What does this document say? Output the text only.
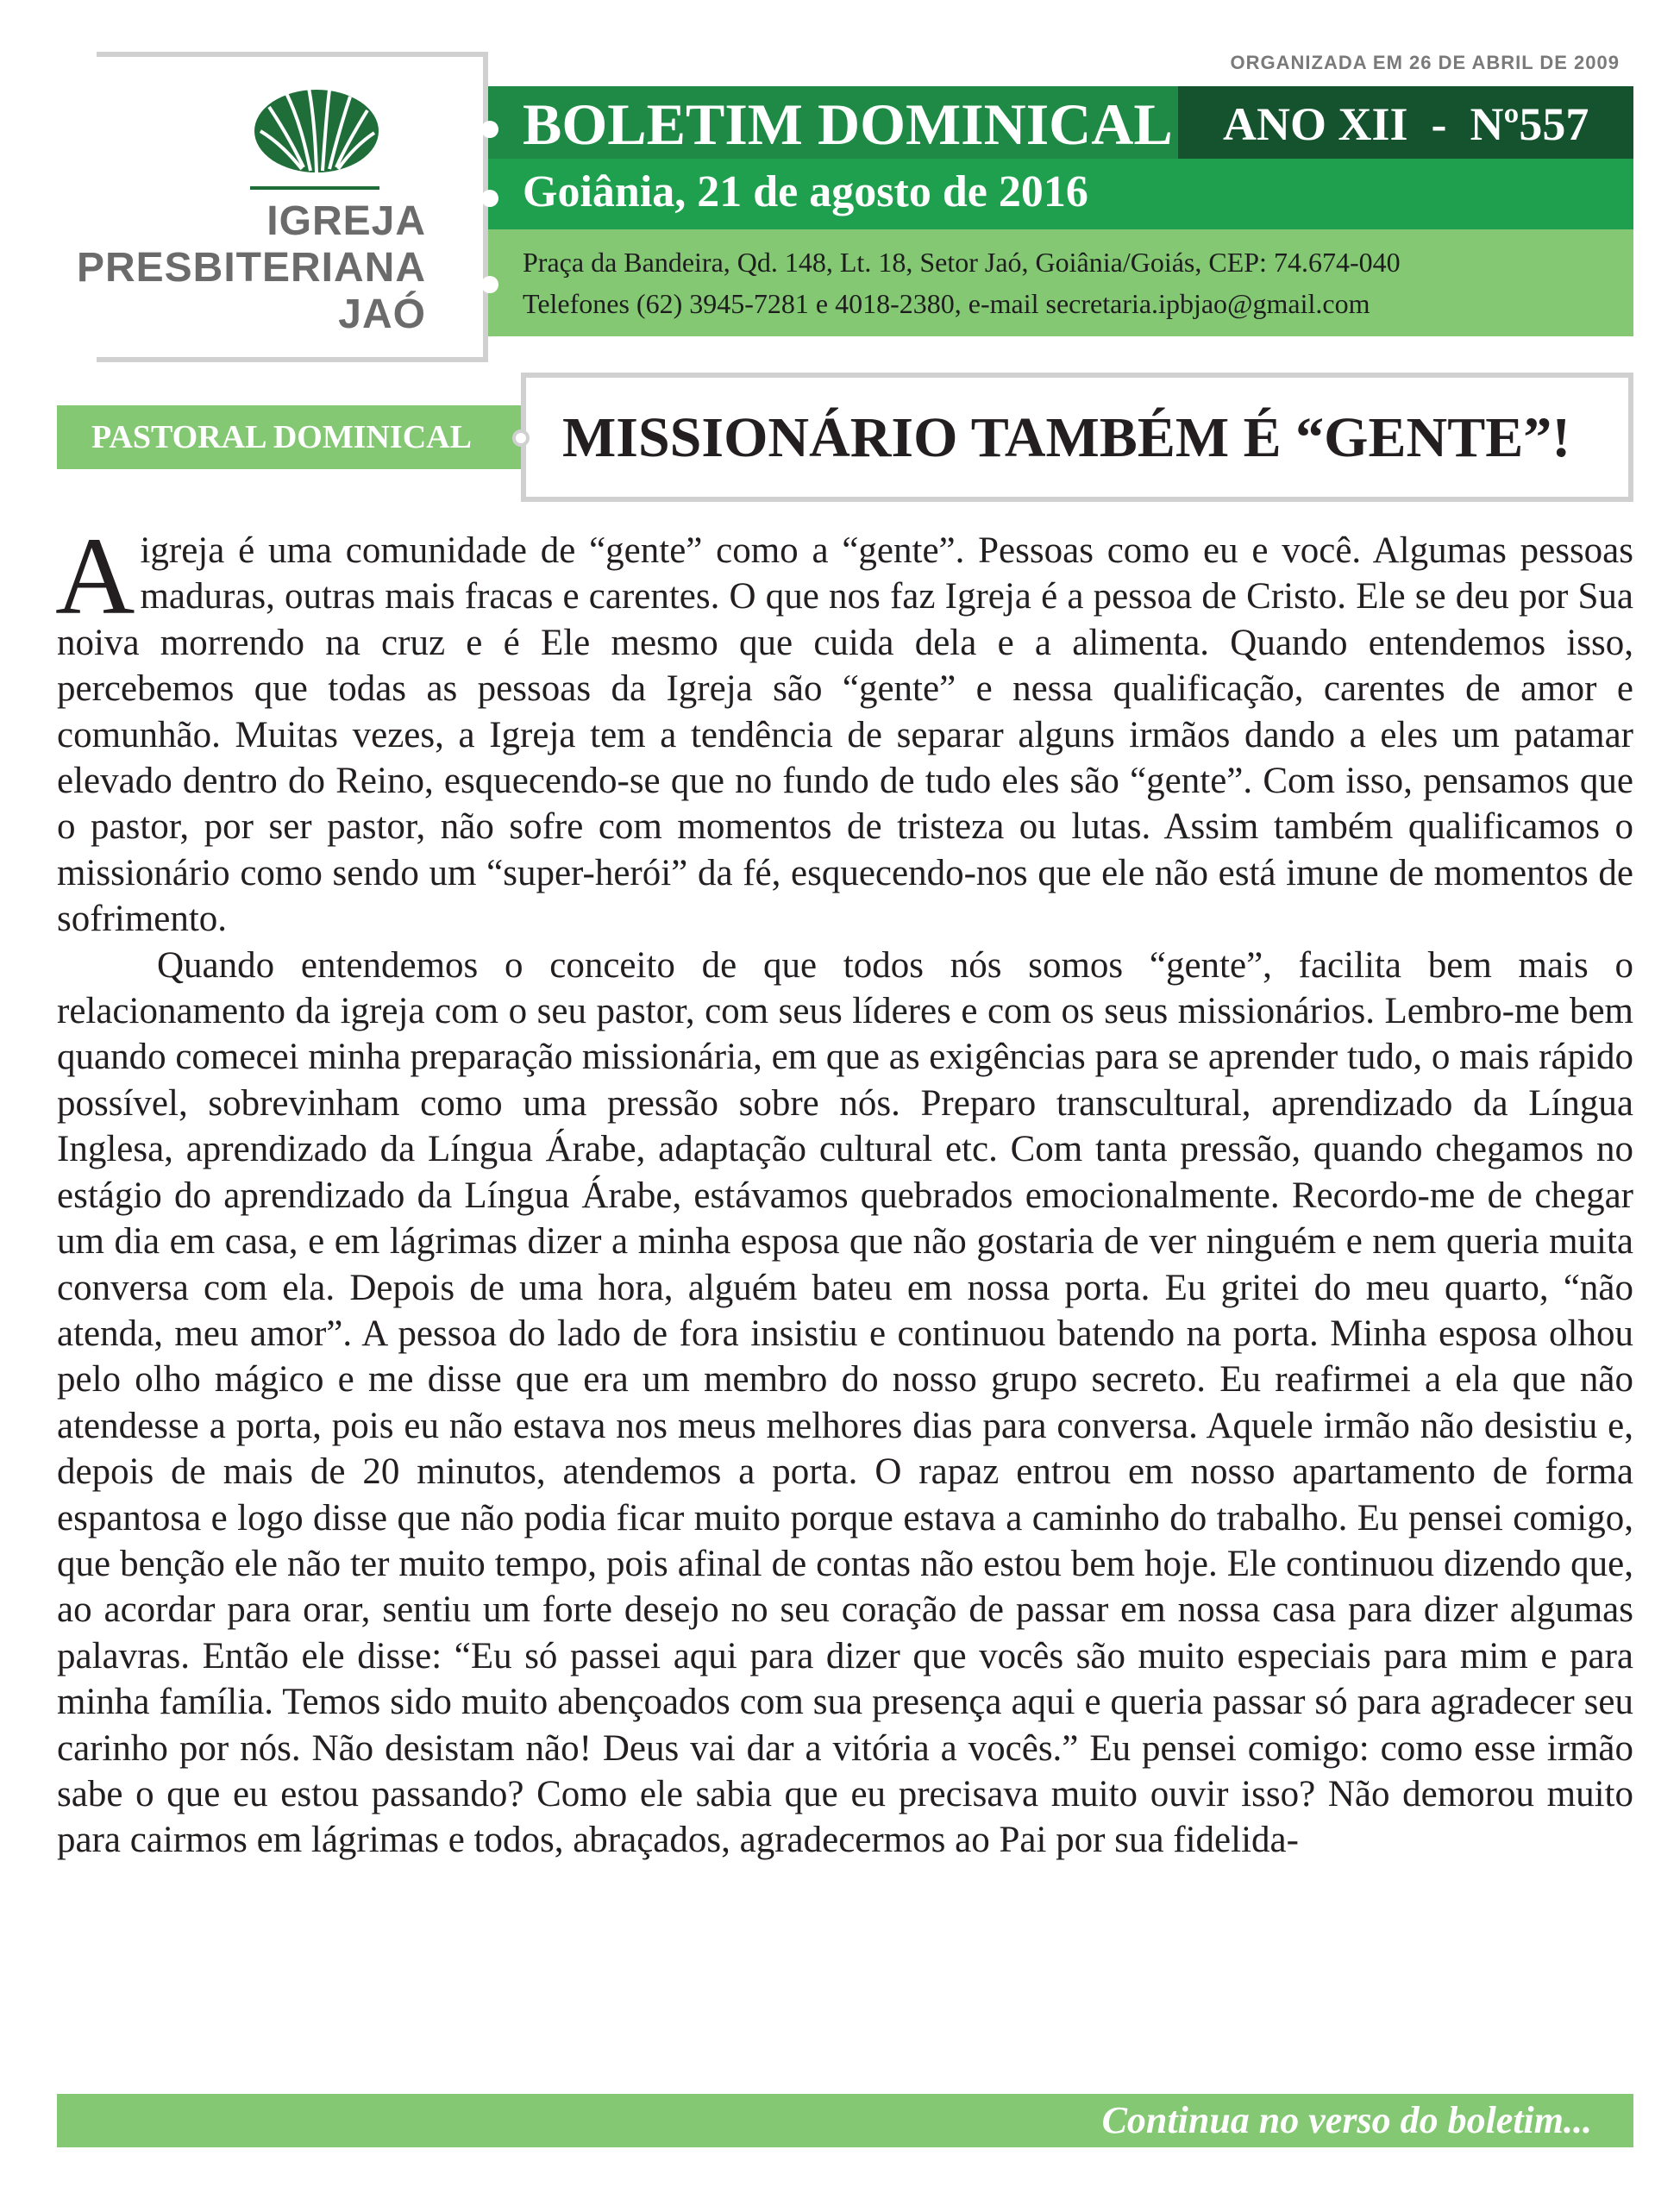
IGREJA
PRESBITERIANA
JAÓ
ORGANIZADA EM 26 DE ABRIL DE 2009
BOLETIM DOMINICAL ANO XII  -  Nº557
Goiânia, 21 de agosto de 2016
Praça da Bandeira, Qd. 148, Lt. 18, Setor Jaó, Goiânia/Goiás, CEP: 74.674-040
Telefones (62) 3945-7281 e 4018-2380, e-mail secretaria.ipbjao@gmail.com
PASTORAL DOMINICAL MISSIONÁRIO TAMBÉM É “GENTE”!

A igreja é uma comunidade de “gente” como a “gente”. Pessoas como eu e você. Algumas pessoas maduras, outras mais fracas e carentes. O que nos faz Igreja é a pessoa de Cristo. Ele se deu por Sua noiva morrendo na cruz e é Ele mesmo que cuida dela e a alimenta. Quando entendemos isso, percebemos que todas as pessoas da Igreja são “gente” e nessa qualificação, carentes de amor e comunhão. Muitas vezes, a Igreja tem a tendência de separar alguns irmãos dando a eles um patamar elevado dentro do Reino, esquecendo-se que no fundo de tudo eles são “gente”. Com isso, pensamos que o pastor, por ser pastor, não sofre com momentos de tristeza ou lutas. Assim também qualificamos o missionário como sendo um “super-herói” da fé, esquecendo-nos que ele não está imune de momentos de sofrimento.

Quando entendemos o conceito de que todos nós somos “gente”, facilita bem mais o relacionamento da igreja com o seu pastor, com seus líderes e com os seus missionários. Lembro-me bem quando comecei minha preparação missionária, em que as exigências para se aprender tudo, o mais rápido possível, sobrevinham como uma pressão sobre nós. Preparo transcultural, aprendizado da Língua Inglesa, aprendizado da Língua Árabe, adaptação cultural etc. Com tanta pressão, quando chegamos no estágio do aprendizado da Língua Árabe, estávamos quebrados emocionalmente. Recordo-me de chegar um dia em casa, e em lágrimas dizer a minha esposa que não gostaria de ver ninguém e nem queria muita conversa com ela. Depois de uma hora, alguém bateu em nossa porta. Eu gritei do meu quarto, “não atenda, meu amor”. A pessoa do lado de fora insistiu e continuou batendo na porta. Minha esposa olhou pelo olho mágico e me disse que era um membro do nosso grupo secreto. Eu reafirmei a ela que não atendesse a porta, pois eu não estava nos meus melhores dias para conversa. Aquele irmão não desistiu e, depois de mais de 20 minutos, atendemos a porta. O rapaz entrou em nosso apartamento de forma espantosa e logo disse que não podia ficar muito porque estava a caminho do trabalho. Eu pensei comigo, que benção ele não ter muito tempo, pois afinal de contas não estou bem hoje. Ele continuou dizendo que, ao acordar para orar, sentiu um forte desejo no seu coração de passar em nossa casa para dizer algumas palavras. Então ele disse: “Eu só passei aqui para dizer que vocês são muito especiais para mim e para minha família. Temos sido muito abençoados com sua presença aqui e queria passar só para agradecer seu carinho por nós. Não desistam não! Deus vai dar a vitória a vocês.” Eu pensei comigo: como esse irmão sabe o que eu estou passando? Como ele sabia que eu precisava muito ouvir isso? Não demorou muito para cairmos em lágrimas e todos, abraçados, agradecermos ao Pai por sua fidelida-

Continua no verso do boletim...
